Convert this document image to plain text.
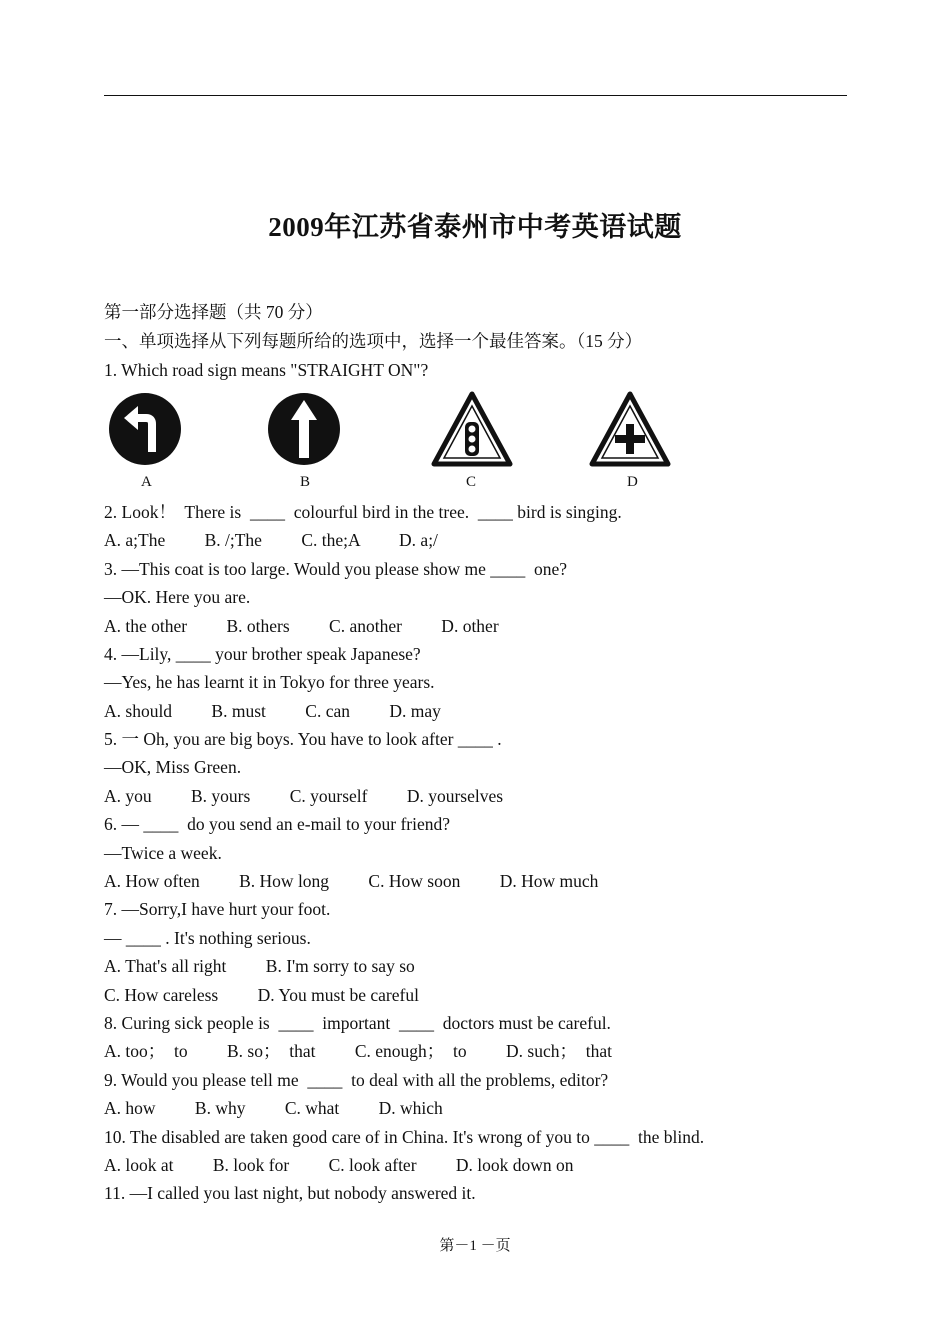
2009年江苏省泰州市中考英语试题
第一部分选择题（共 70 分）
一、单项选择从下列每题所给的选项中，选择一个最佳答案。（15 分）
1. Which road sign means "STRAIGHT ON"?
A	B	C	D
2. Look！  There is  ____  colourful bird in the tree.  ____ bird is singing.
A. a;The         B. /;The         C. the;A         D. a;/
3. —This coat is too large. Would you please show me ____  one?
—OK. Here you are.
A. the other         B. others         C. another         D. other
4. —Lily, ____ your brother speak Japanese?
—Yes, he has learnt it in Tokyo for three years.
A. should         B. must         C. can         D. may
5. 一 Oh, you are big boys. You have to look after ____ .
—OK, Miss Green.
A. you         B. yours         C. yourself         D. yourselves
6. — ____  do you send an e-mail to your friend?
—Twice a week.
A. How often         B. How long         C. How soon         D. How much
7. —Sorry,I have hurt your foot.
— ____ . It's nothing serious.
A. That's all right         B. I'm sorry to say so
C. How careless         D. You must be careful
8. Curing sick people is  ____  important  ____  doctors must be careful.
A. too；  to         B. so；  that         C. enough；  to         D. such；  that
9. Would you please tell me  ____  to deal with all the problems, editor?
A. how         B. why         C. what         D. which
10. The disabled are taken good care of in China. It's wrong of you to ____  the blind.
A. look at         B. look for         C. look after         D. look down on
11. —I called you last night, but nobody answered it.
第－1 －页
